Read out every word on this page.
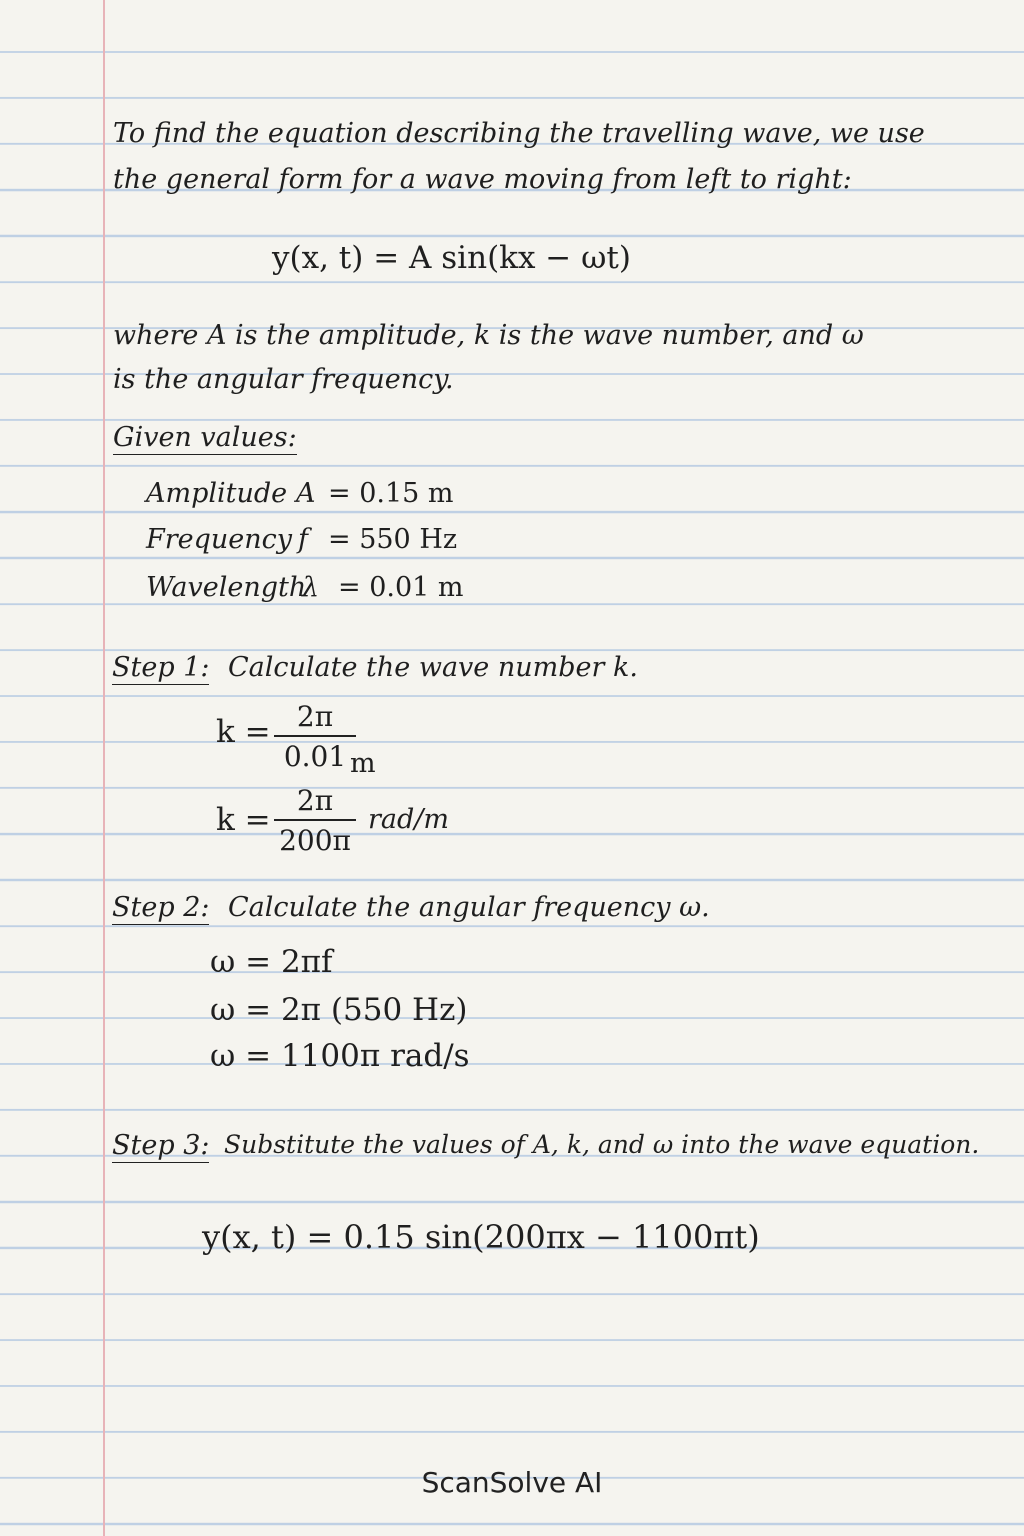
To find the equation describing the travelling wave, we use
the general form for a wave moving from left to right:
y(x, t) = A sin(kx − ωt)
where A is the amplitude, k is the wave number, and ω
is the angular frequency.
Given values:
Amplitude A = 0.15 m
Frequency f = 550 Hz
Wavelength
λ = 0.01 m
Step 1: Calculate the wave number k.
k = 2π
0.01 m
k =
2π
200π
rad/m
Step 2: Calculate the angular frequency ω.
ω = 2πf
ω = 2π (550 Hz)
ω = 1100π rad/s
Step 3: Substitute the values of A, k, and ω into the wave equation.
y(x, t) = 0.15 sin(200πx − 1100πt)
ScanSolve AI
